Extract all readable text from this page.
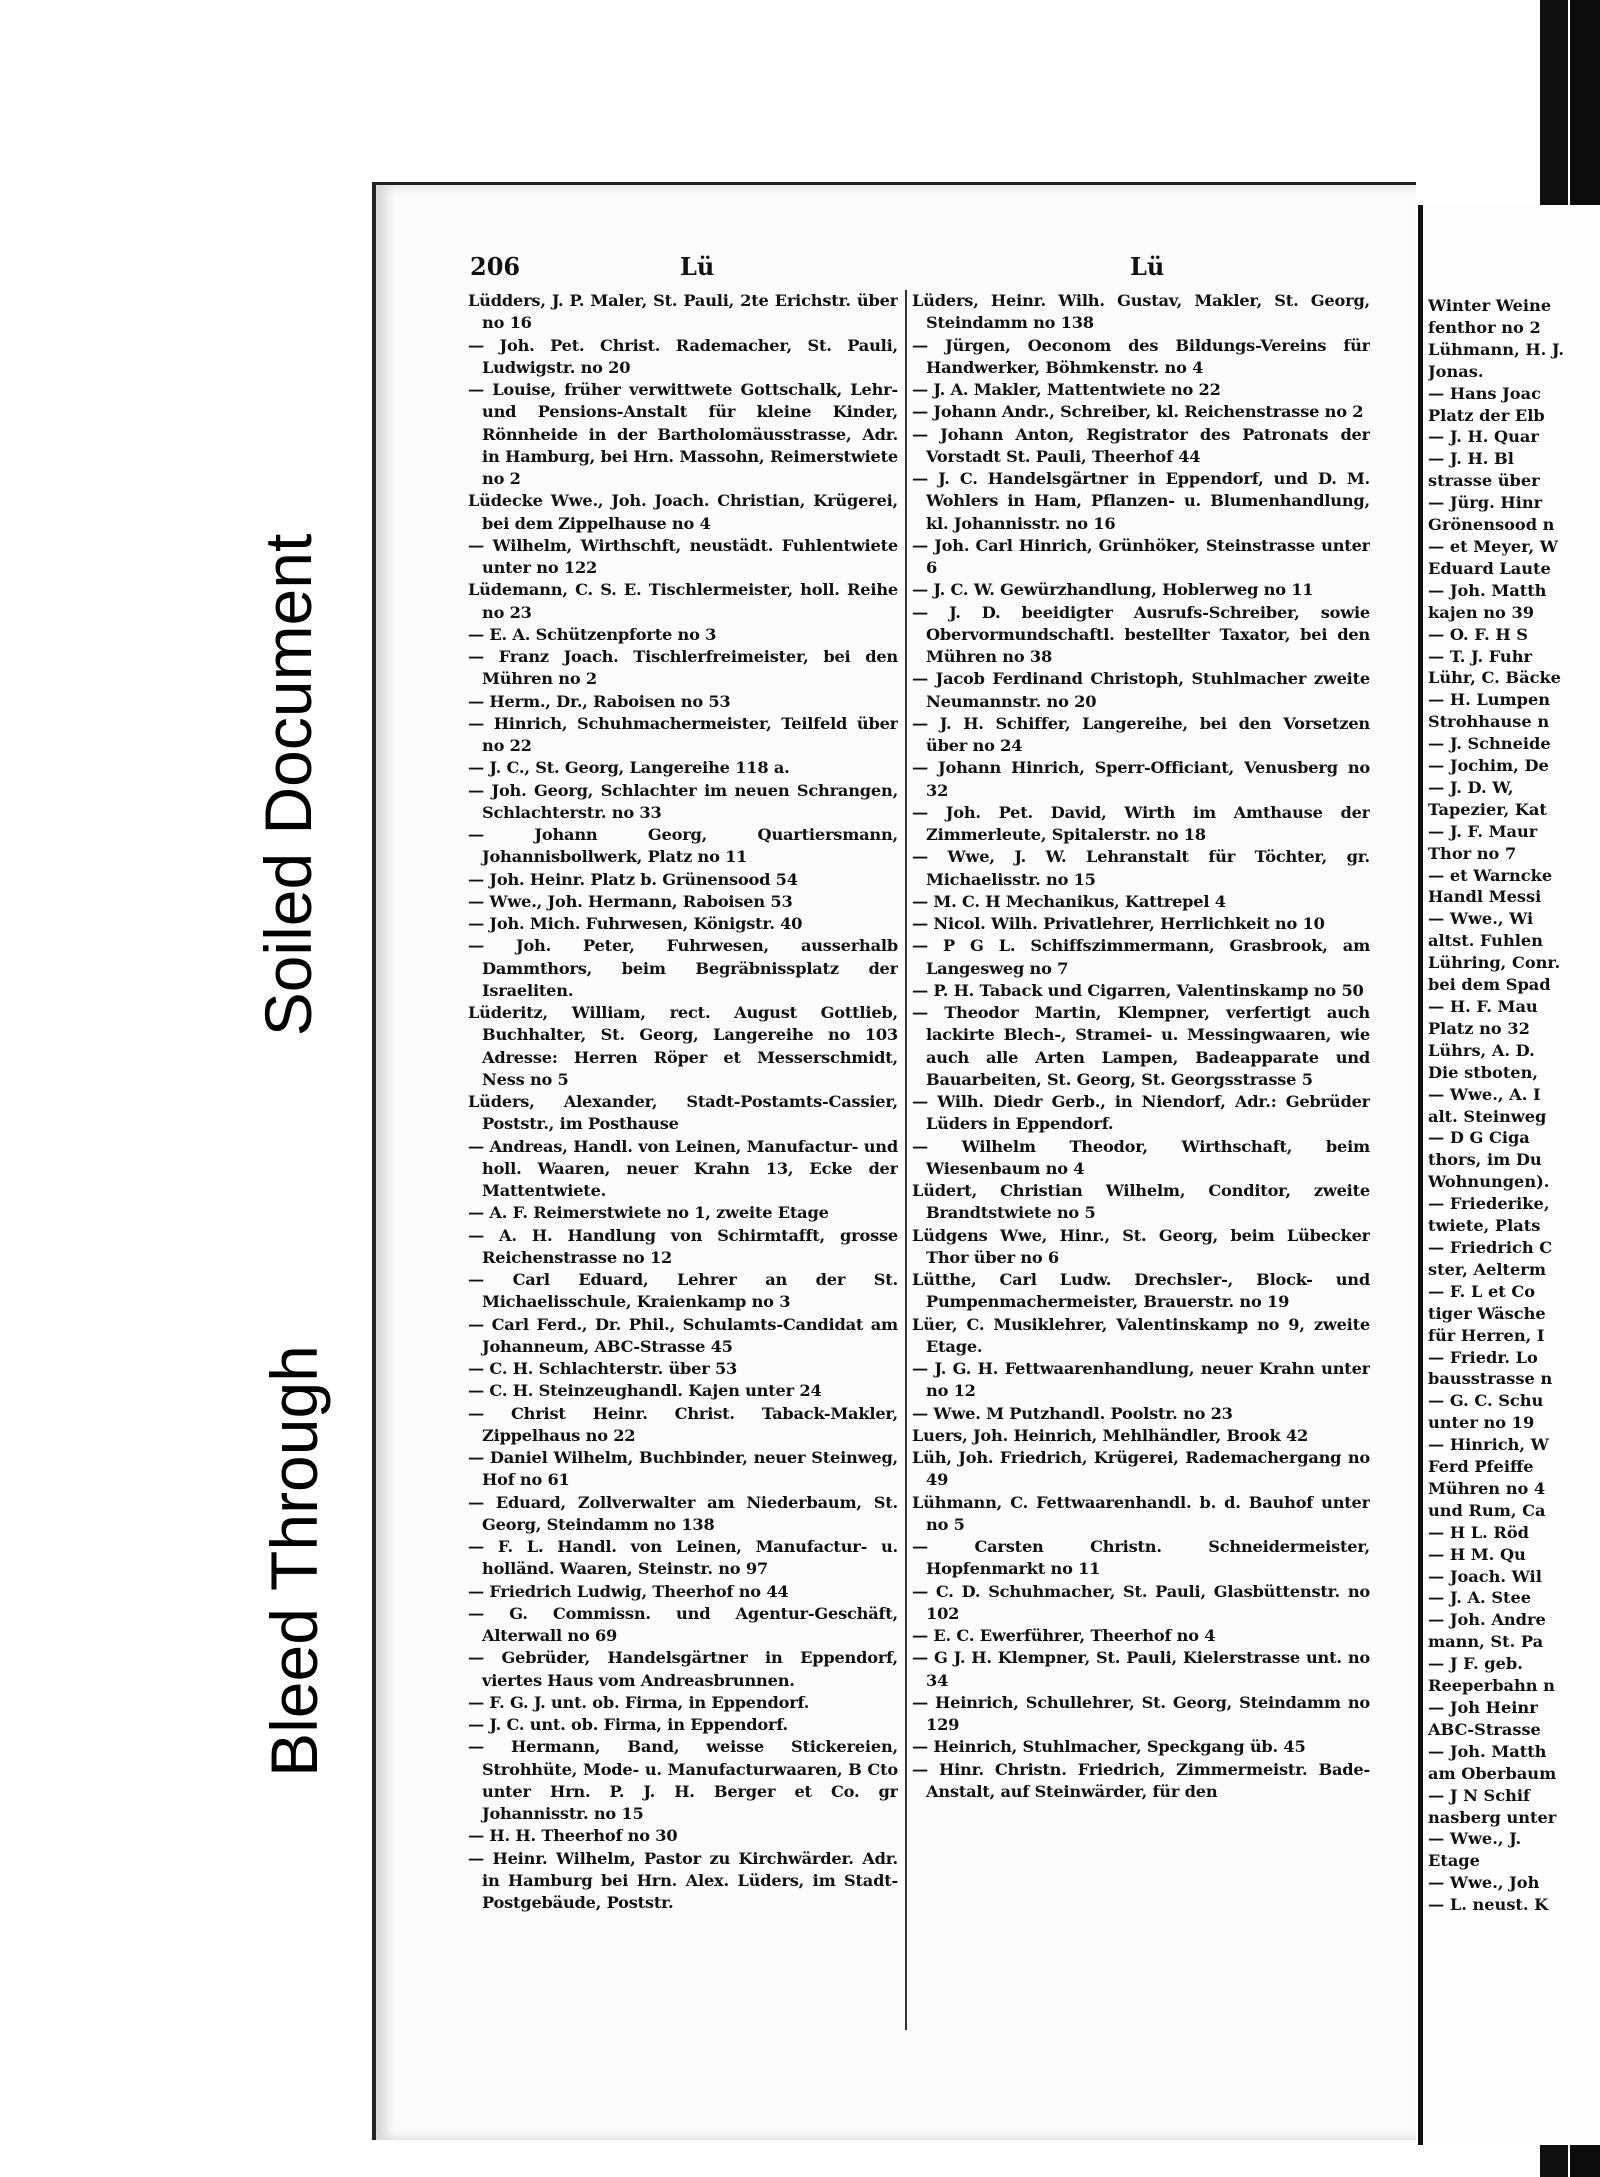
206	Lü	Lü
Lüdders, J. P. Maler, St. Pauli, 2te Erichstr. über no 16
— Joh. Pet. Christ. Rademacher, St. Pauli, Ludwigstr. no 20
— Louise, früher verwittwete Gottschalk, Lehr- und Pensions-Anstalt für kleine Kinder, Rönnheide in der Bartholomäusstrasse, Adr. in Hamburg, bei Hrn. Massohn, Reimerstwiete no 2
Lüdecke Wwe., Joh. Joach. Christian, Krügerei, bei dem Zippelhause no 4
— Wilhelm, Wirthschft, neustädt. Fuhlentwiete unter no 122
Lüdemann, C. S. E. Tischlermeister, holl. Reihe no 23
— E. A. Schützenpforte no 3
— Franz Joach. Tischlerfreimeister, bei den Mühren no 2
— Herm., Dr., Raboisen no 53
— Hinrich, Schuhmachermeister, Teilfeld über no 22
— J. C., St. Georg, Langereihe 118 a.
— Joh. Georg, Schlachter im neuen Schrangen, Schlachterstr. no 33
— Johann Georg, Quartiersmann, Johannisbollwerk, Platz no 11
— Joh. Heinr. Platz b. Grünensood 54
— Wwe., Joh. Hermann, Raboisen 53
— Joh. Mich. Fuhrwesen, Königstr. 40
— Joh. Peter, Fuhrwesen, ausserhalb Dammthors, beim Begräbnissplatz der Israeliten.
Lüderitz, William, rect. August Gottlieb, Buchhalter, St. Georg, Langereihe no 103 Adresse: Herren Röper et Messerschmidt, Ness no 5
Lüders, Alexander, Stadt-Postamts-Cassier, Poststr., im Posthause
— Andreas, Handl. von Leinen, Manufactur- und holl. Waaren, neuer Krahn 13, Ecke der Mattentwiete.
— A. F. Reimerstwiete no 1, zweite Etage
— A. H. Handlung von Schirmtafft, grosse Reichenstrasse no 12
— Carl Eduard, Lehrer an der St. Michaelisschule, Kraienkamp no 3
— Carl Ferd., Dr. Phil., Schulamts-Candidat am Johanneum, ABC-Strasse 45
— C. H. Schlachterstr. über 53
— C. H. Steinzeughandl. Kajen unter 24
— Christ Heinr. Christ. Taback-Makler, Zippelhaus no 22
— Daniel Wilhelm, Buchbinder, neuer Steinweg, Hof no 61
— Eduard, Zollverwalter am Niederbaum, St. Georg, Steindamm no 138
— F. L. Handl. von Leinen, Manufactur- u. holländ. Waaren, Steinstr. no 97
— Friedrich Ludwig, Theerhof no 44
— G. Commissn. und Agentur-Geschäft, Alterwall no 69
— Gebrüder, Handelsgärtner in Eppendorf, viertes Haus vom Andreasbrunnen.
— F. G. J. unt. ob. Firma, in Eppendorf.
— J. C. unt. ob. Firma, in Eppendorf.
— Hermann, Band, weisse Stickereien, Strohhüte, Mode- u. Manufacturwaaren, B Cto unter Hrn. P. J. H. Berger et Co. gr Johannisstr. no 15
— H. H. Theerhof no 30
— Heinr. Wilhelm, Pastor zu Kirchwärder. Adr. in Hamburg bei Hrn. Alex. Lüders, im Stadt-Postgebäude, Poststr.
Lüders, Heinr. Wilh. Gustav, Makler, St. Georg, Steindamm no 138
— Jürgen, Oeconom des Bildungs-Vereins für Handwerker, Böhmkenstr. no 4
— J. A. Makler, Mattentwiete no 22
— Johann Andr., Schreiber, kl. Reichenstrasse no 2
— Johann Anton, Registrator des Patronats der Vorstadt St. Pauli, Theerhof 44
— J. C. Handelsgärtner in Eppendorf, und D. M. Wohlers in Ham, Pflanzen- u. Blumenhandlung, kl. Johannisstr. no 16
— Joh. Carl Hinrich, Grünhöker, Steinstrasse unter 6
— J. C. W. Gewürzhandlung, Hoblerweg no 11
— J. D. beeidigter Ausrufs-Schreiber, sowie Obervormundschaftl. bestellter Taxator, bei den Mühren no 38
— Jacob Ferdinand Christoph, Stuhlmacher zweite Neumannstr. no 20
— J. H. Schiffer, Langereihe, bei den Vorsetzen über no 24
— Johann Hinrich, Sperr-Officiant, Venusberg no 32
— Joh. Pet. David, Wirth im Amthause der Zimmerleute, Spitalerstr. no 18
— Wwe, J. W. Lehranstalt für Töchter, gr. Michaelisstr. no 15
— M. C. H Mechanikus, Kattrepel 4
— Nicol. Wilh. Privatlehrer, Herrlichkeit no 10
— P G L. Schiffszimmermann, Grasbrook, am Langesweg no 7
— P. H. Taback und Cigarren, Valentinskamp no 50
— Theodor Martin, Klempner, verfertigt auch lackirte Blech-, Stramei- u. Messingwaaren, wie auch alle Arten Lampen, Badeapparate und Bauarbeiten, St. Georg, St. Georgsstrasse 5
— Wilh. Diedr Gerb., in Niendorf, Adr.: Gebrüder Lüders in Eppendorf.
— Wilhelm Theodor, Wirthschaft, beim Wiesenbaum no 4
Lüdert, Christian Wilhelm, Conditor, zweite Brandtstwiete no 5
Lüdgens Wwe, Hinr., St. Georg, beim Lübecker Thor über no 6
Lütthe, Carl Ludw. Drechsler-, Block- und Pumpenmachermeister, Brauerstr. no 19
Lüer, C. Musiklehrer, Valentinskamp no 9, zweite Etage.
— J. G. H. Fettwaarenhandlung, neuer Krahn unter no 12
— Wwe. M Putzhandl. Poolstr. no 23
Luers, Joh. Heinrich, Mehlhändler, Brook 42
Lüh, Joh. Friedrich, Krügerei, Rademachergang no 49
Lühmann, C. Fettwaarenhandl. b. d. Bauhof unter no 5
— Carsten Christn. Schneidermeister, Hopfenmarkt no 11
— C. D. Schuhmacher, St. Pauli, Glasbüttenstr. no 102
— E. C. Ewerführer, Theerhof no 4
— G J. H. Klempner, St. Pauli, Kielerstrasse unt. no 34
— Heinrich, Schullehrer, St. Georg, Steindamm no 129
— Heinrich, Stuhlmacher, Speckgang üb. 45
— Hinr. Christn. Friedrich, Zimmermeistr. Bade-Anstalt, auf Steinwärder, für den
Winter Weine
fenthor no 2
Lühmann, H. J.
Jonas.
— Hans Joac
Platz der Elb
— J. H. Quar
— J. H. Bl
strasse über
— Jürg. Hinr
Grönensood n
— et Meyer, W
Eduard Laute
— Joh. Matth
kajen no 39
— O. F. H S
— T. J. Fuhr
Lühr, C. Bäcke
— H. Lumpen
Strohhause n
— J. Schneide
— Jochim, De
— J. D. W,
Tapezier, Kat
— J. F. Maur
Thor no 7
— et Warncke
Handl Messi
— Wwe., Wi
altst. Fuhlen
Lühring, Conr.
bei dem Spad
— H. F. Mau
Platz no 32
Lührs, A. D.
Die stboten,
— Wwe., A. I
alt. Steinweg
— D G Ciga
thors, im Du
Wohnungen).
— Friederike,
twiete, Plats
— Friedrich C
ster, Aelterm
— F. L et Co
tiger Wäsche
für Herren, I
— Friedr. Lo
bausstrasse n
— G. C. Schu
unter no 19
— Hinrich, W
Ferd Pfeiffe
Mühren no 4
und Rum, Ca
— H L. Röd
— H M. Qu
— Joach. Wil
— J. A. Stee
— Joh. Andre
mann, St. Pa
— J F. geb.
Reeperbahn n
— Joh Heinr
ABC-Strasse
— Joh. Matth
am Oberbaum
— J N Schif
nasberg unter
— Wwe., J.
Etage
— Wwe., Joh
— L. neust. K
Soiled Document
Bleed Through
